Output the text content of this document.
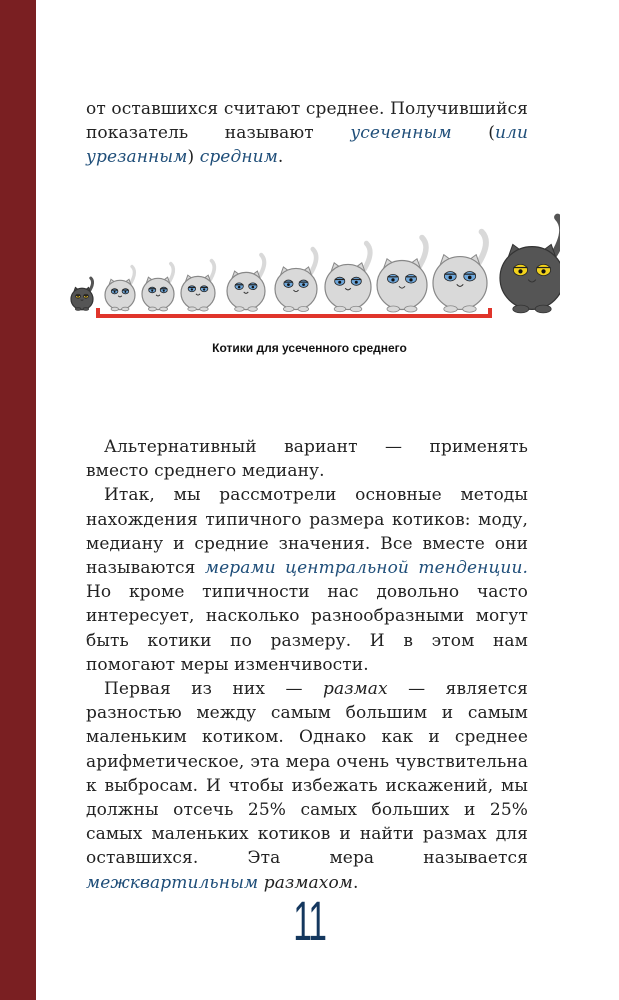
от оставшихся считают среднее. Получившийся показатель называют усеченным (или урезанным) средним.

Котики для усеченного среднего

Альтернативный вариант — применять вместо среднего медиану.

Итак, мы рассмотрели основные методы нахождения типичного размера котиков: моду, медиану и средние значения. Все вместе они называются мерами центральной тенденции. Но кроме типичности нас довольно часто интересует, насколько разнообразными могут быть котики по размеру. И в этом нам помогают меры изменчивости.

Первая из них — размах — является разностью между самым большим и самым маленьким котиком. Однако как и среднее арифметическое, эта мера очень чувствительна к выбросам. И чтобы избежать искажений, мы должны отсечь 25% самых больших и 25% самых маленьких котиков и найти размах для оставшихся. Эта мера называется межквартильным размахом.

11
